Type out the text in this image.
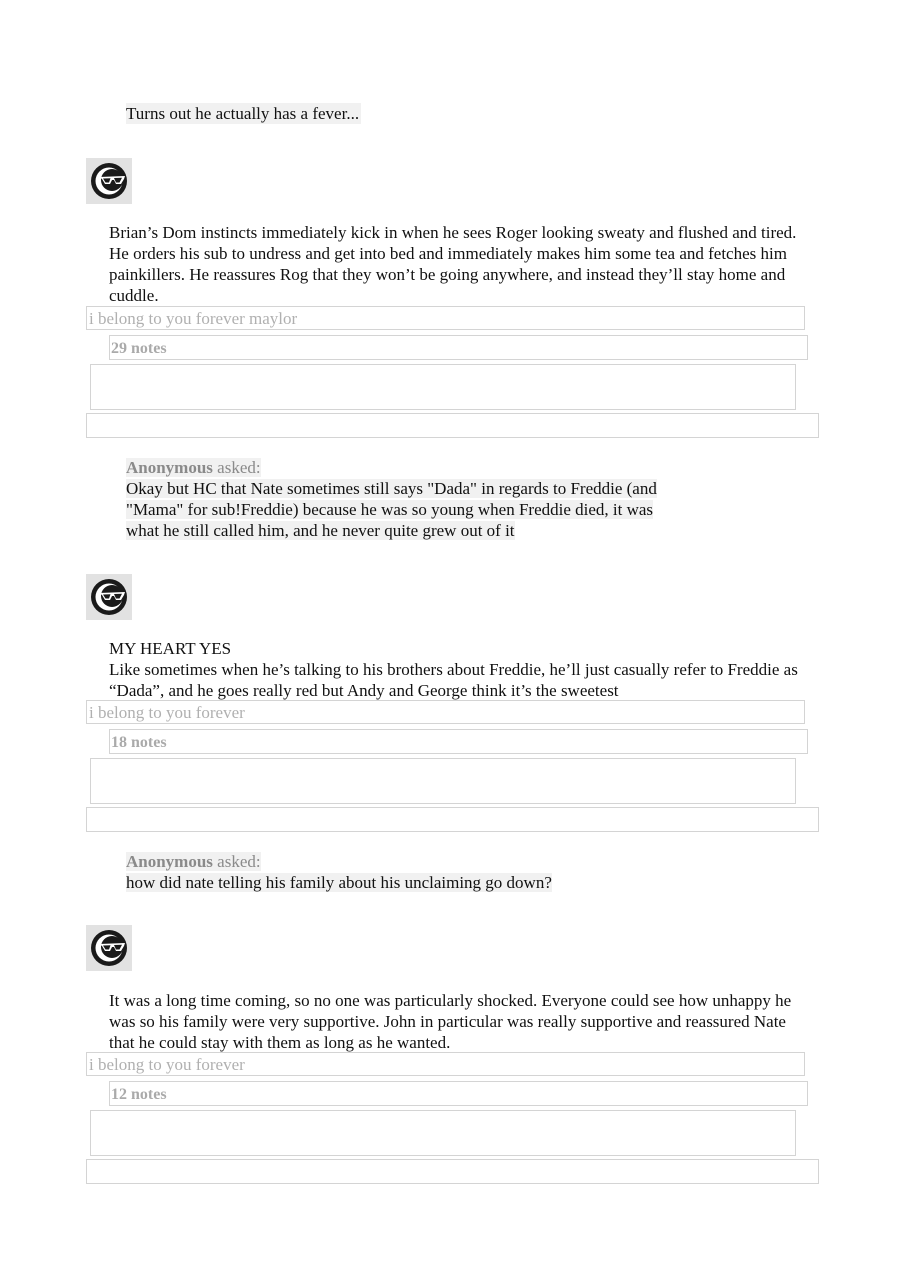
Turns out he actually has a fever...

Brian’s Dom instincts immediately kick in when he sees Roger looking sweaty and flushed and tired. He orders his sub to undress and get into bed and immediately makes him some tea and fetches him painkillers. He reassures Rog that they won’t be going anywhere, and instead they’ll stay home and cuddle.

i belong to you forever maylor
29 notes
Anonymous asked:
Okay but HC that Nate sometimes still says "Dada" in regards to Freddie (and
"Mama" for sub!Freddie) because he was so young when Freddie died, it was
what he still called him, and he never quite grew out of it

MY HEART YES

Like sometimes when he’s talking to his brothers about Freddie, he’ll just casually refer to Freddie as “Dada”, and he goes really red but Andy and George think it’s the sweetest

i belong to you forever
18 notes
Anonymous asked:
how did nate telling his family about his unclaiming go down?

It was a long time coming, so no one was particularly shocked. Everyone could see how unhappy he was so his family were very supportive. John in particular was really supportive and reassured Nate that he could stay with them as long as he wanted.

i belong to you forever
12 notes
